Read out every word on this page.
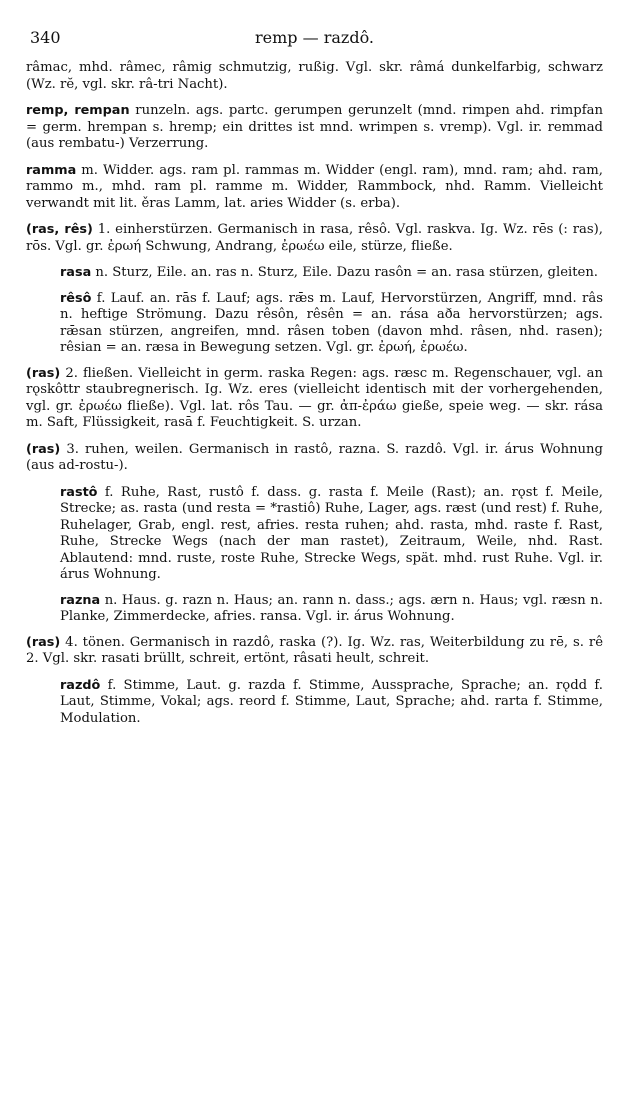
340	remp — razdô.

râmac, mhd. râmec, râmig schmutzig, rußig. Vgl. skr. râmá dunkelfarbig, schwarz (Wz. rĕ, vgl. skr. râ-tri Nacht).

remp, rempan runzeln. ags. partc. gerumpen gerunzelt (mnd. rimpen ahd. rimpfan = germ. hrempan s. hremp; ein drittes ist mnd. wrimpen s. vremp). Vgl. ir. remmad (aus rembatu-) Verzerrung.

ramma m. Widder. ags. ram pl. rammas m. Widder (engl. ram), mnd. ram; ahd. ram, rammo m., mhd. ram pl. ramme m. Widder, Rammbock, nhd. Ramm. Vielleicht verwandt mit lit. ěras Lamm, lat. aries Widder (s. erba).

(ras, rês) 1. einherstürzen. Germanisch in rasa, rêsô. Vgl. raskva. Ig. Wz. rēs (: ras), rōs. Vgl. gr. ἐρωή Schwung, Andrang, ἐρωέω eile, stürze, fließe.

rasa n. Sturz, Eile. an. ras n. Sturz, Eile. Dazu rasôn = an. rasa stürzen, gleiten.

rêsô f. Lauf. an. rās f. Lauf; ags. rǣs m. Lauf, Hervorstürzen, Angriff, mnd. râs n. heftige Strömung. Dazu rêsôn, rêsên = an. rása aða hervorstürzen; ags. rǣsan stürzen, angreifen, mnd. râsen toben (davon mhd. râsen, nhd. rasen); rêsian = an. ræsa in Bewegung setzen. Vgl. gr. ἐρωή, ἐρωέω.

(ras) 2. fließen. Vielleicht in germ. raska Regen: ags. ræsc m. Regenschauer, vgl. an rǫskôttr staubregnerisch. Ig. Wz. eres (vielleicht identisch mit der vorhergehenden, vgl. gr. ἐρωέω fließe). Vgl. lat. rôs Tau. — gr. ἀπ-ἐράω gieße, speie weg. — skr. rása m. Saft, Flüssigkeit, rasā f. Feuchtigkeit. S. urzan.

(ras) 3. ruhen, weilen. Germanisch in rastô, razna. S. razdô. Vgl. ir. árus Wohnung (aus ad-rostu-).

rastô f. Ruhe, Rast, rustô f. dass. g. rasta f. Meile (Rast); an. rǫst f. Meile, Strecke; as. rasta (und resta = *rastiô) Ruhe, Lager, ags. ræst (und rest) f. Ruhe, Ruhelager, Grab, engl. rest, afries. resta ruhen; ahd. rasta, mhd. raste f. Rast, Ruhe, Strecke Wegs (nach der man rastet), Zeitraum, Weile, nhd. Rast. Ablautend: mnd. ruste, roste Ruhe, Strecke Wegs, spät. mhd. rust Ruhe. Vgl. ir. árus Wohnung.

razna n. Haus. g. razn n. Haus; an. rann n. dass.; ags. ærn n. Haus; vgl. ræsn n. Planke, Zimmerdecke, afries. ransa. Vgl. ir. árus Wohnung.

(ras) 4. tönen. Germanisch in razdô, raska (?). Ig. Wz. ras, Weiterbildung zu rē, s. rê 2. Vgl. skr. rasati brüllt, schreit, ertönt, râsati heult, schreit.

razdô f. Stimme, Laut. g. razda f. Stimme, Aussprache, Sprache; an. rǫdd f. Laut, Stimme, Vokal; ags. reord f. Stimme, Laut, Sprache; ahd. rarta f. Stimme, Modulation.
